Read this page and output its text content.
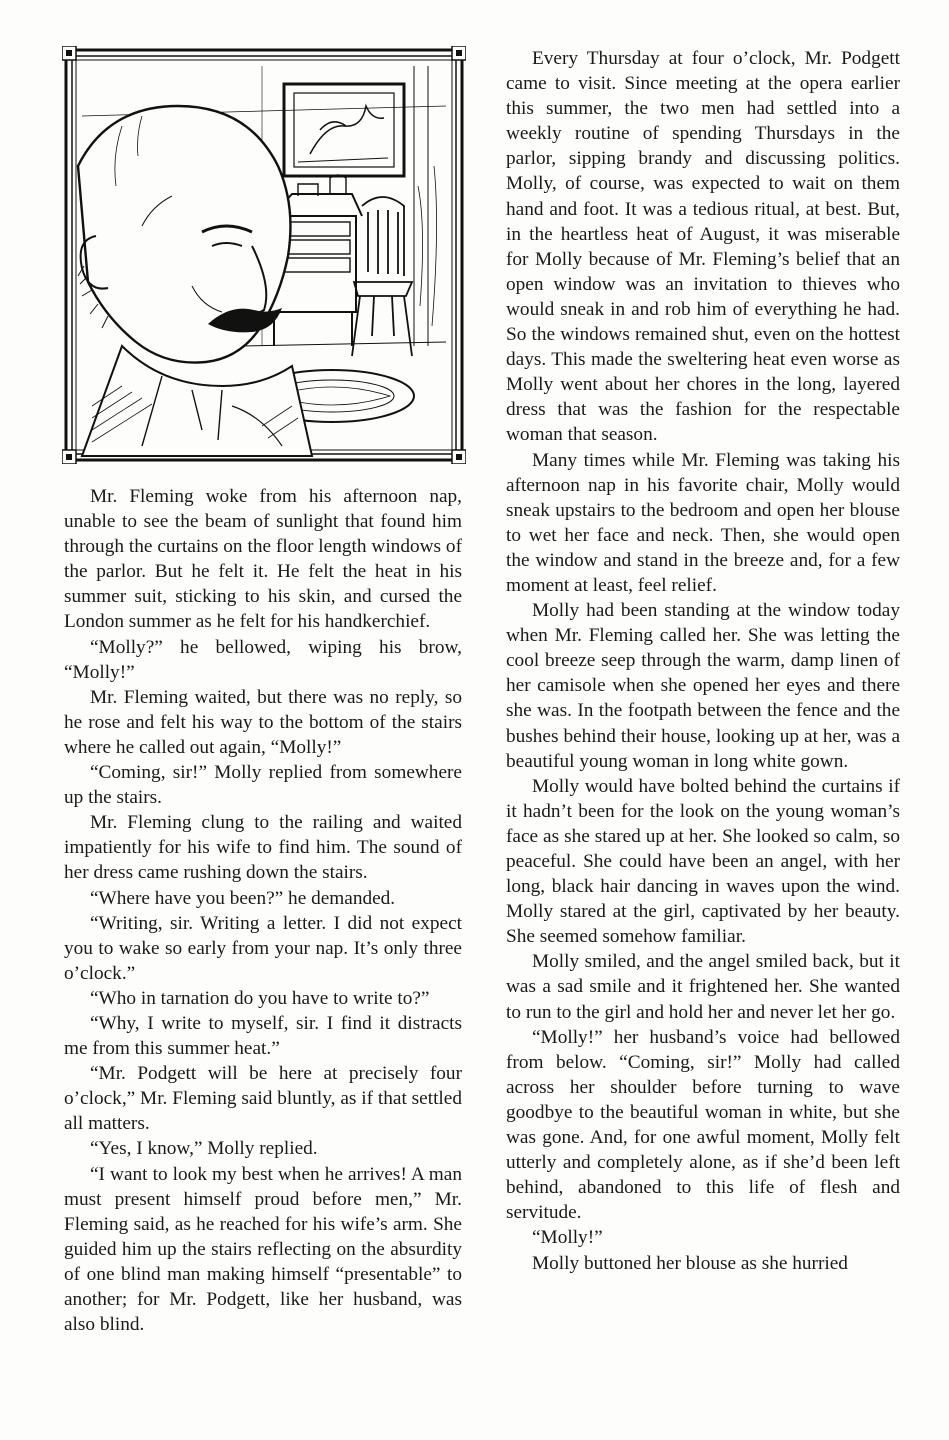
Mr. Fleming woke from his afternoon nap, unable to see the beam of sunlight that found him through the curtains on the floor length windows of the parlor. But he felt it. He felt the heat in his summer suit, sticking to his skin, and cursed the London summer as he felt for his handkerchief.

“Molly?” he bellowed, wiping his brow, “Molly!”

Mr. Fleming waited, but there was no reply, so he rose and felt his way to the bottom of the stairs where he called out again, “Molly!”

“Coming, sir!” Molly replied from somewhere up the stairs.

Mr. Fleming clung to the railing and waited impatiently for his wife to find him. The sound of her dress came rushing down the stairs.

“Where have you been?” he demanded.

“Writing, sir. Writing a letter. I did not expect you to wake so early from your nap. It’s only three o’clock.”

“Who in tarnation do you have to write to?”

“Why, I write to myself, sir. I find it distracts me from this summer heat.”

“Mr. Podgett will be here at precisely four o’clock,” Mr. Fleming said bluntly, as if that settled all matters.

“Yes, I know,” Molly replied.

“I want to look my best when he arrives! A man must present himself proud before men,” Mr. Fleming said, as he reached for his wife’s arm. She guided him up the stairs reflecting on the absurdity of one blind man making himself “presentable” to another; for Mr. Podgett, like her husband, was also blind.

Every Thursday at four o’clock, Mr. Podgett came to visit. Since meeting at the opera earlier this summer, the two men had settled into a weekly routine of spending Thursdays in the parlor, sipping brandy and discussing politics. Molly, of course, was expected to wait on them hand and foot. It was a tedious ritual, at best. But, in the heartless heat of August, it was miserable for Molly because of Mr. Fleming’s belief that an open window was an invitation to thieves who would sneak in and rob him of everything he had. So the windows remained shut, even on the hottest days. This made the sweltering heat even worse as Molly went about her chores in the long, layered dress that was the fashion for the respectable woman that season.

Many times while Mr. Fleming was taking his afternoon nap in his favorite chair, Molly would sneak upstairs to the bedroom and open her blouse to wet her face and neck. Then, she would open the window and stand in the breeze and, for a few moment at least, feel relief.

Molly had been standing at the window today when Mr. Fleming called her. She was letting the cool breeze seep through the warm, damp linen of her camisole when she opened her eyes and there she was. In the footpath between the fence and the bushes behind their house, looking up at her, was a beautiful young woman in long white gown.

Molly would have bolted behind the curtains if it hadn’t been for the look on the young woman’s face as she stared up at her. She looked so calm, so peaceful. She could have been an angel, with her long, black hair dancing in waves upon the wind. Molly stared at the girl, captivated by her beauty. She seemed somehow familiar.

Molly smiled, and the angel smiled back, but it was a sad smile and it frightened her. She wanted to run to the girl and hold her and never let her go.

“Molly!” her husband’s voice had bellowed from below. “Coming, sir!” Molly had called across her shoulder before turning to wave goodbye to the beautiful woman in white, but she was gone. And, for one awful moment, Molly felt utterly and completely alone, as if she’d been left behind, abandoned to this life of flesh and servitude.

“Molly!”

Molly buttoned her blouse as she hurried
